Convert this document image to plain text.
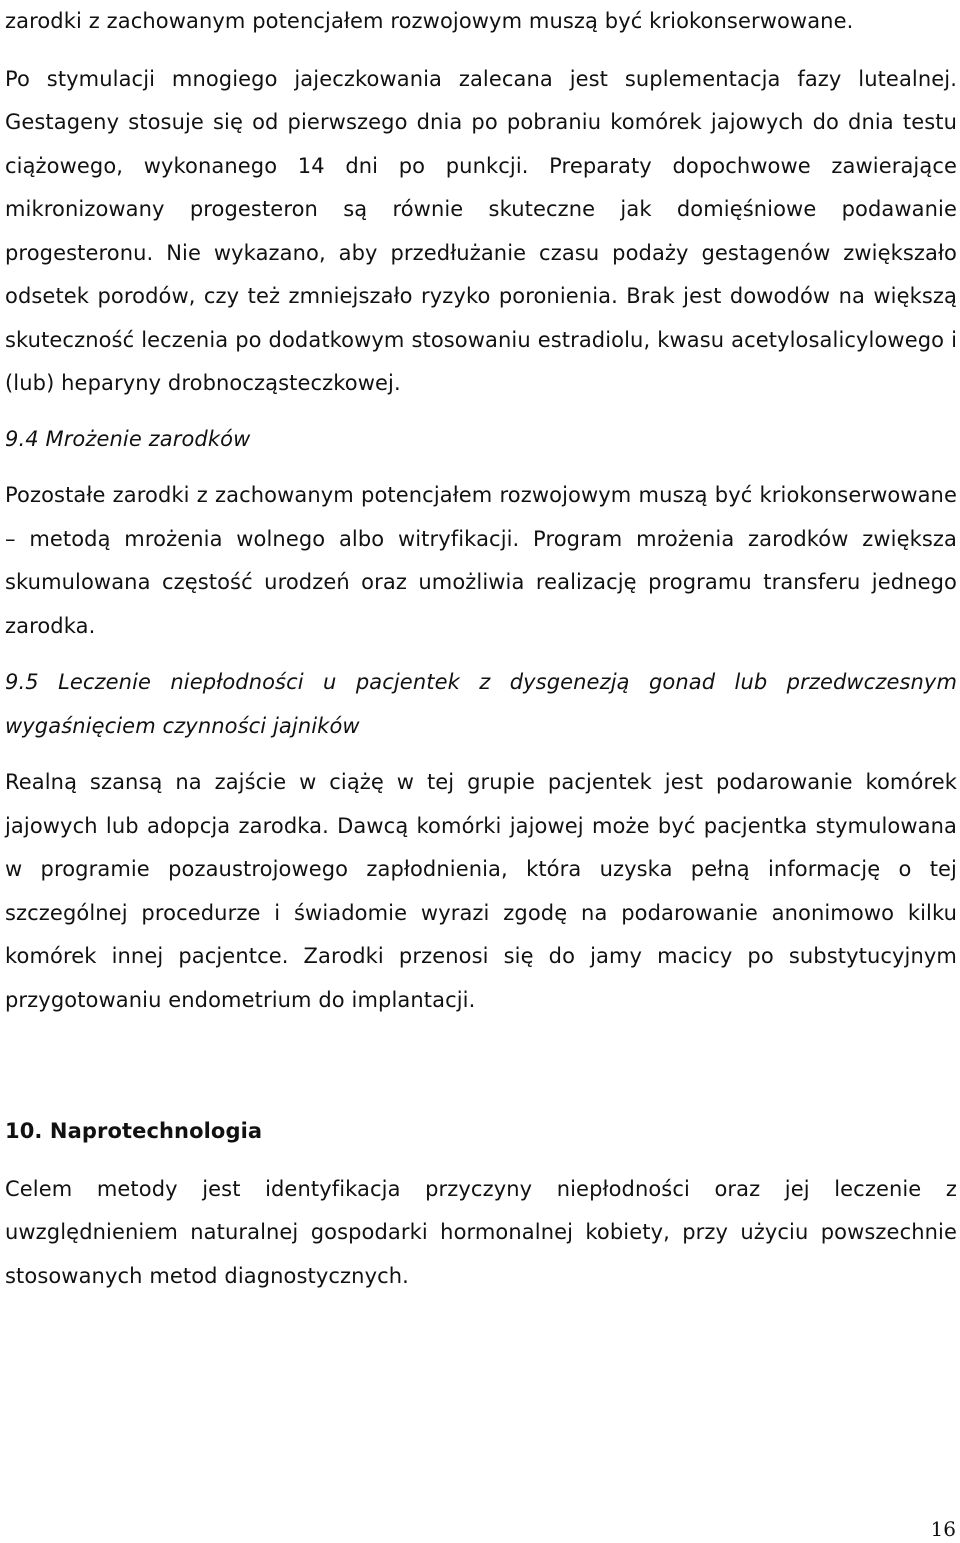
zarodki z zachowanym potencjałem rozwojowym muszą być kriokonserwowane.

Po stymulacji mnogiego jajeczkowania zalecana jest suplementacja fazy lutealnej. Gestageny stosuje się od pierwszego dnia po pobraniu komórek jajowych do dnia testu ciążowego, wykonanego 14 dni po punkcji. Preparaty dopochwowe zawierające mikronizowany progesteron są równie skuteczne jak domięśniowe podawanie progesteronu. Nie wykazano, aby przedłużanie czasu podaży gestagenów zwiększało odsetek porodów, czy też zmniejszało ryzyko poronienia. Brak jest dowodów na większą skuteczność leczenia po dodatkowym stosowaniu estradiolu, kwasu acetylosalicylowego i (lub) heparyny drobnocząsteczkowej.

9.4 Mrożenie zarodków

Pozostałe zarodki z zachowanym potencjałem rozwojowym muszą być kriokonserwowane – metodą mrożenia wolnego albo witryfikacji. Program mrożenia zarodków zwiększa skumulowana częstość urodzeń oraz umożliwia realizację programu transferu jednego zarodka.

9.5 Leczenie niepłodności u pacjentek z dysgenezją gonad lub przedwczesnym wygaśnięciem czynności jajników

Realną szansą na zajście w ciążę w tej grupie pacjentek jest podarowanie komórek jajowych lub adopcja zarodka. Dawcą komórki jajowej może być pacjentka stymulowana w programie pozaustrojowego zapłodnienia, która uzyska pełną informację o tej szczególnej procedurze i świadomie wyrazi zgodę na podarowanie anonimowo kilku komórek innej pacjentce. Zarodki przenosi się do jamy macicy po substytucyjnym przygotowaniu endometrium do implantacji.

10. Naprotechnologia

Celem metody jest identyfikacja przyczyny niepłodności oraz jej leczenie z uwzględnieniem naturalnej gospodarki hormonalnej kobiety, przy użyciu powszechnie stosowanych metod diagnostycznych.

16
